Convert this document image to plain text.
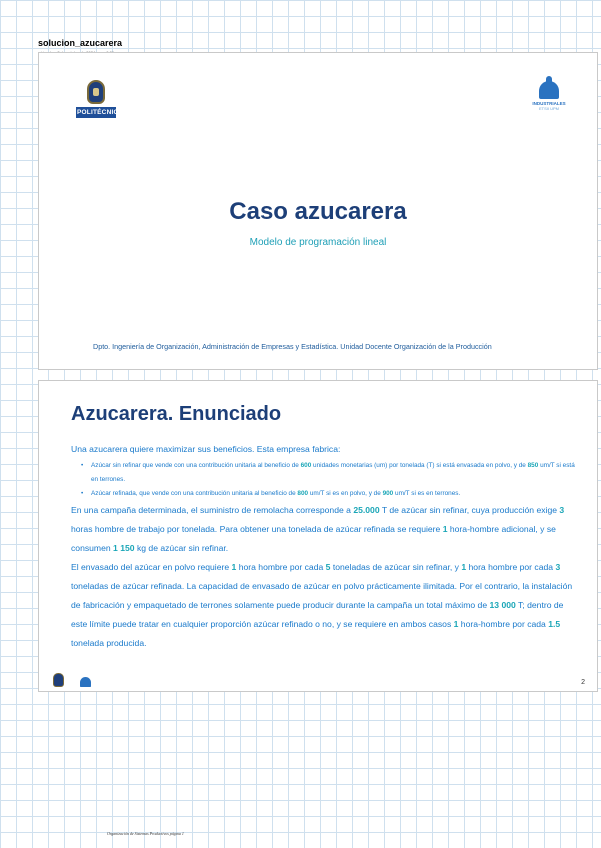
solucion_azucarera
POLITÉCNICA
INDUSTRIALES
ETSII UPM
Caso azucarera
Modelo de programación lineal
Dpto. Ingeniería de Organización, Administración de Empresas y Estadística. Unidad Docente Organización de la Producción
Azucarera. Enunciado

Una azucarera quiere maximizar sus beneficios. Esta empresa fabrica:

• Azúcar sin refinar que vende con una contribución unitaria al beneficio de 600 unidades monetarias (um) por tonelada (T) si está envasada en polvo, y de 850 um/T si está en terrones.
• Azúcar refinada, que vende con una contribución unitaria al beneficio de 800 um/T si es en polvo, y de 900 um/T si es en terrones.

En una campaña determinada, el suministro de remolacha corresponde a 25.000 T de azúcar sin refinar, cuya producción exige 3 horas hombre de trabajo por tonelada. Para obtener una tonelada de azúcar refinada se requiere 1 hora-hombre adicional, y se consumen 1 150 kg de azúcar sin refinar.

El envasado del azúcar en polvo requiere 1 hora hombre por cada 5 toneladas de azúcar sin refinar, y 1 hora hombre por cada 3 toneladas de azúcar refinada. La capacidad de envasado de azúcar en polvo prácticamente ilimitada. Por el contrario, la instalación de fabricación y empaquetado de terrones solamente puede producir durante la campaña un total máximo de 13 000 T; dentro de este límite puede tratar en cualquier proporción azúcar refinado o no, y se requiere en ambos casos 1 hora-hombre por cada 1.5 tonelada producida.

2
Organización de Sistemas Productivos página 1
